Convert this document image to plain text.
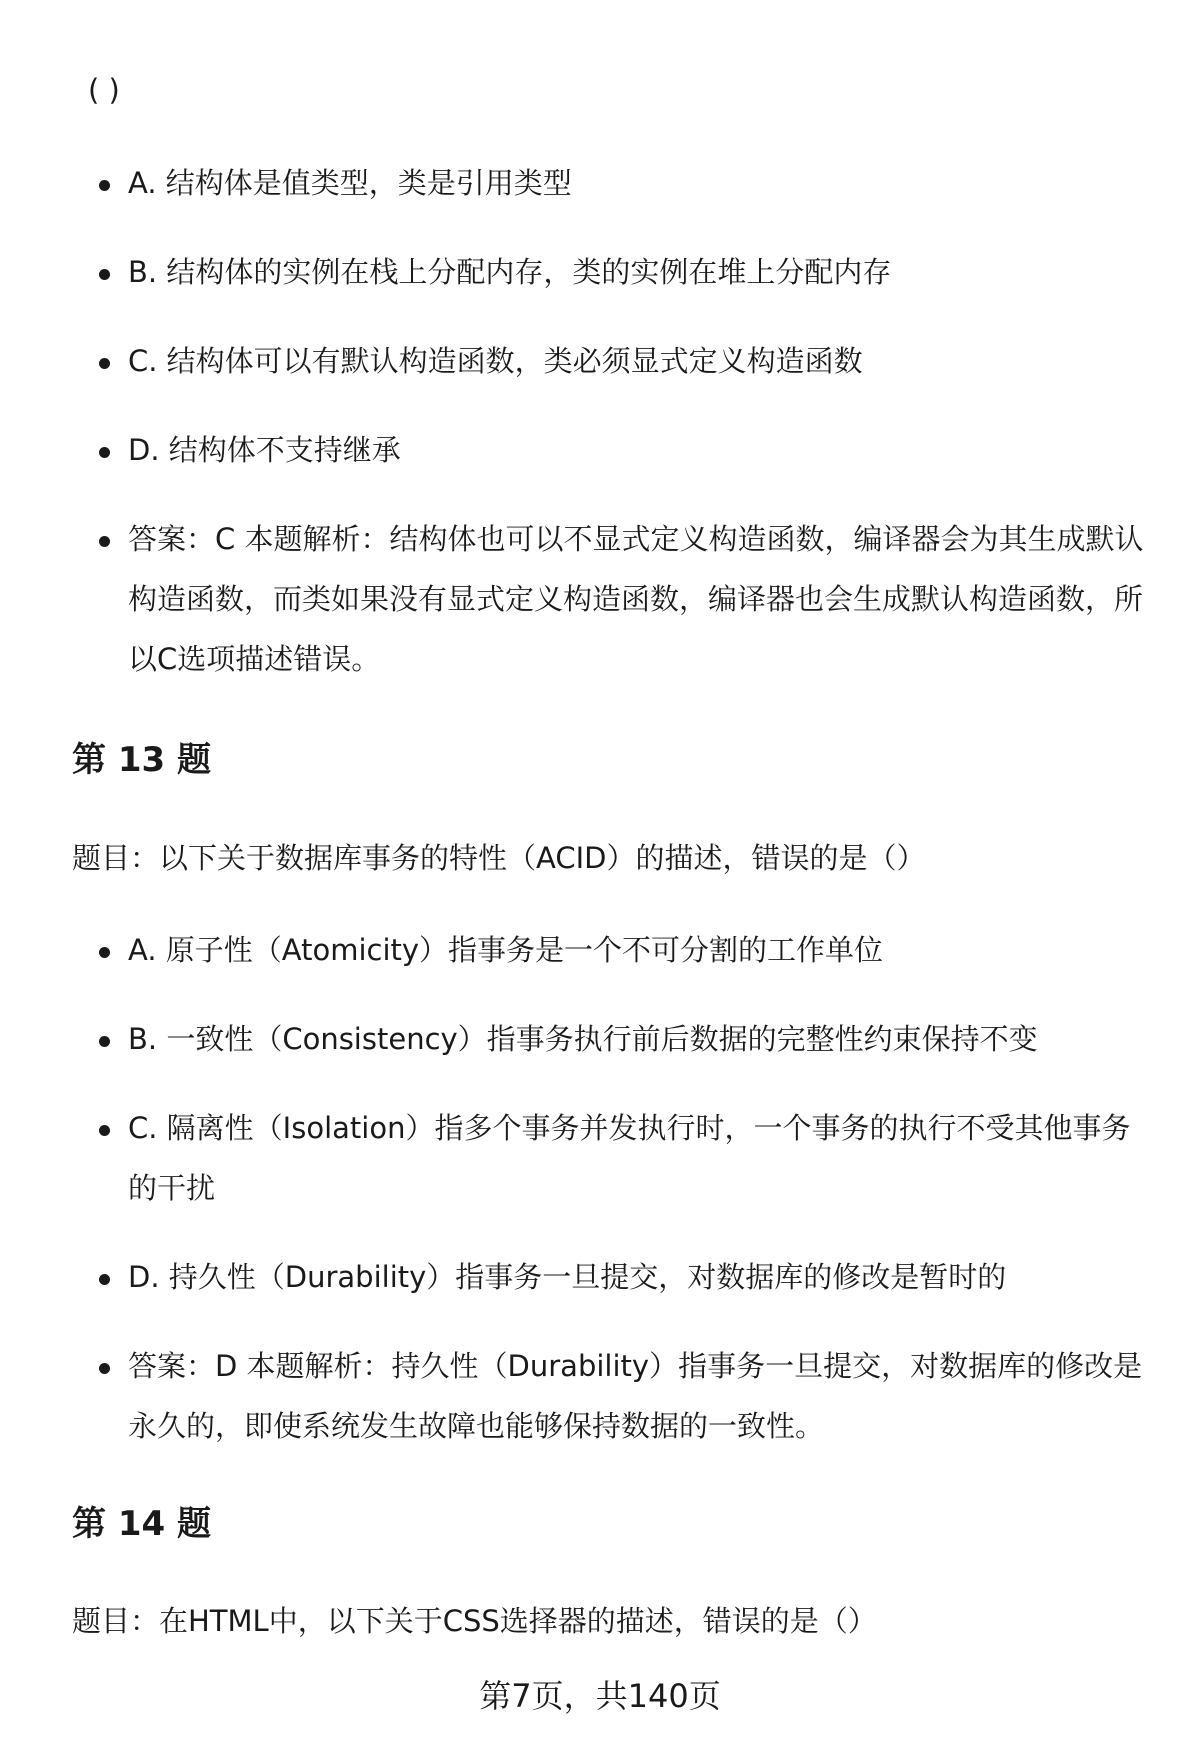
( )

A. 结构体是值类型，类是引用类型
B. 结构体的实例在栈上分配内存，类的实例在堆上分配内存
C. 结构体可以有默认构造函数，类必须显式定义构造函数
D. 结构体不支持继承
答案：C 本题解析：结构体也可以不显式定义构造函数，编译器会为其生成默认构造函数，而类如果没有显式定义构造函数，编译器也会生成默认构造函数，所以C选项描述错误。
第 13 题

题目：以下关于数据库事务的特性（ACID）的描述，错误的是（）

A. 原子性（Atomicity）指事务是一个不可分割的工作单位
B. 一致性（Consistency）指事务执行前后数据的完整性约束保持不变
C. 隔离性（Isolation）指多个事务并发执行时，一个事务的执行不受其他事务的干扰
D. 持久性（Durability）指事务一旦提交，对数据库的修改是暂时的
答案：D 本题解析：持久性（Durability）指事务一旦提交，对数据库的修改是永久的，即使系统发生故障也能够保持数据的一致性。
第 14 题

题目：在HTML中，以下关于CSS选择器的描述，错误的是（）

第7页，共140页
